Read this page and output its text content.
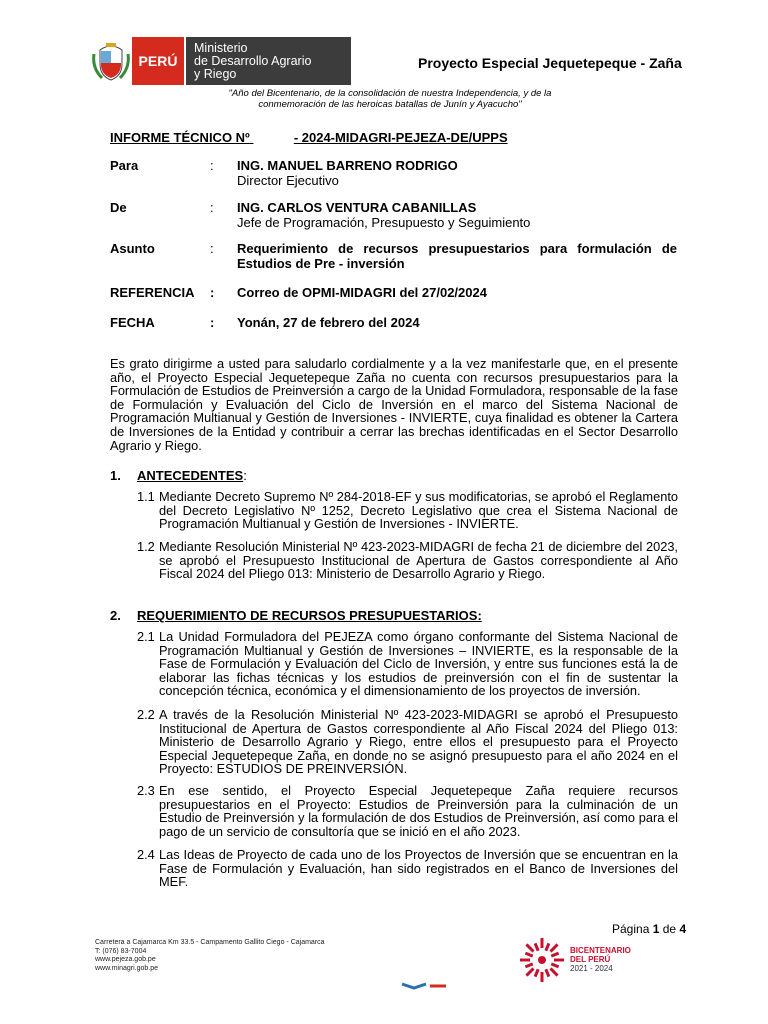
PERÚ
Ministerio
de Desarrollo Agrario
y Riego
Proyecto Especial Jequetepeque - Zaña
"Año del Bicentenario, de la consolidación de nuestra Independencia, y de la
conmemoración de las heroicas batallas de Junín y Ayacucho"
INFORME TÉCNICO Nº	- 2024-MIDAGRI-PEJEZA-DE/UPPS
Para	: ING. MANUEL BARRENO RODRIGO
Director Ejecutivo
De	: ING. CARLOS VENTURA CABANILLAS
Jefe de Programación, Presupuesto y Seguimiento
Asunto	: Requerimiento de recursos presupuestarios para formulación de
Estudios de Pre - inversión
REFERENCIA : Correo de OPMI-MIDAGRI del 27/02/2024
FECHA	: Yonán, 27 de febrero del 2024
Es grato dirigirme a usted para saludarlo cordialmente y a la vez manifestarle que, en el presente año, el Proyecto Especial Jequetepeque Zaña no cuenta con recursos presupuestarios para la Formulación de Estudios de Preinversión a cargo de la Unidad Formuladora, responsable de la fase de Formulación y Evaluación del Ciclo de Inversión en el marco del Sistema Nacional de Programación Multianual y Gestión de Inversiones - INVIERTE, cuya finalidad es obtener la Cartera de Inversiones de la Entidad y contribuir a cerrar las brechas identificadas en el Sector Desarrollo Agrario y Riego.
1. ANTECEDENTES:
1.1 Mediante Decreto Supremo Nº 284-2018-EF y sus modificatorias, se aprobó el Reglamento del Decreto Legislativo Nº 1252, Decreto Legislativo que crea el Sistema Nacional de Programación Multianual y Gestión de Inversiones - INVIERTE.
1.2 Mediante Resolución Ministerial Nº 423-2023-MIDAGRI de fecha 21 de diciembre del 2023, se aprobó el Presupuesto Institucional de Apertura de Gastos correspondiente al Año Fiscal 2024 del Pliego 013: Ministerio de Desarrollo Agrario y Riego.
2. REQUERIMIENTO DE RECURSOS PRESUPUESTARIOS:
2.1 La Unidad Formuladora del PEJEZA como órgano conformante del Sistema Nacional de Programación Multianual y Gestión de Inversiones – INVIERTE, es la responsable de la Fase de Formulación y Evaluación del Ciclo de Inversión, y entre sus funciones está la de elaborar las fichas técnicas y los estudios de preinversión con el fin de sustentar la concepción técnica, económica y el dimensionamiento de los proyectos de inversión.
2.2 A través de la Resolución Ministerial Nº 423-2023-MIDAGRI se aprobó el Presupuesto Institucional de Apertura de Gastos correspondiente al Año Fiscal 2024 del Pliego 013: Ministerio de Desarrollo Agrario y Riego, entre ellos el presupuesto para el Proyecto Especial Jequetepeque Zaña, en donde no se asignó presupuesto para el año 2024 en el Proyecto: ESTUDIOS DE PREINVERSIÓN.
2.3 En ese sentido, el Proyecto Especial Jequetepeque Zaña requiere recursos presupuestarios en el Proyecto: Estudios de Preinversión para la culminación de un Estudio de Preinversión y la formulación de dos Estudios de Preinversión, así como para el pago de un servicio de consultoría que se inició en el año 2023.
2.4 Las Ideas de Proyecto de cada uno de los Proyectos de Inversión que se encuentran en la Fase de Formulación y Evaluación, han sido registrados en el Banco de Inversiones del MEF.
Página 1 de 4
Carretera a Cajamarca Km 33.5 - Campamento Gallito Ciego - Cajamarca
T: (076) 83-7004
www.pejeza.gob.pe
www.minagri.gob.pe
BICENTENARIO
DEL PERÚ
2021 - 2024
